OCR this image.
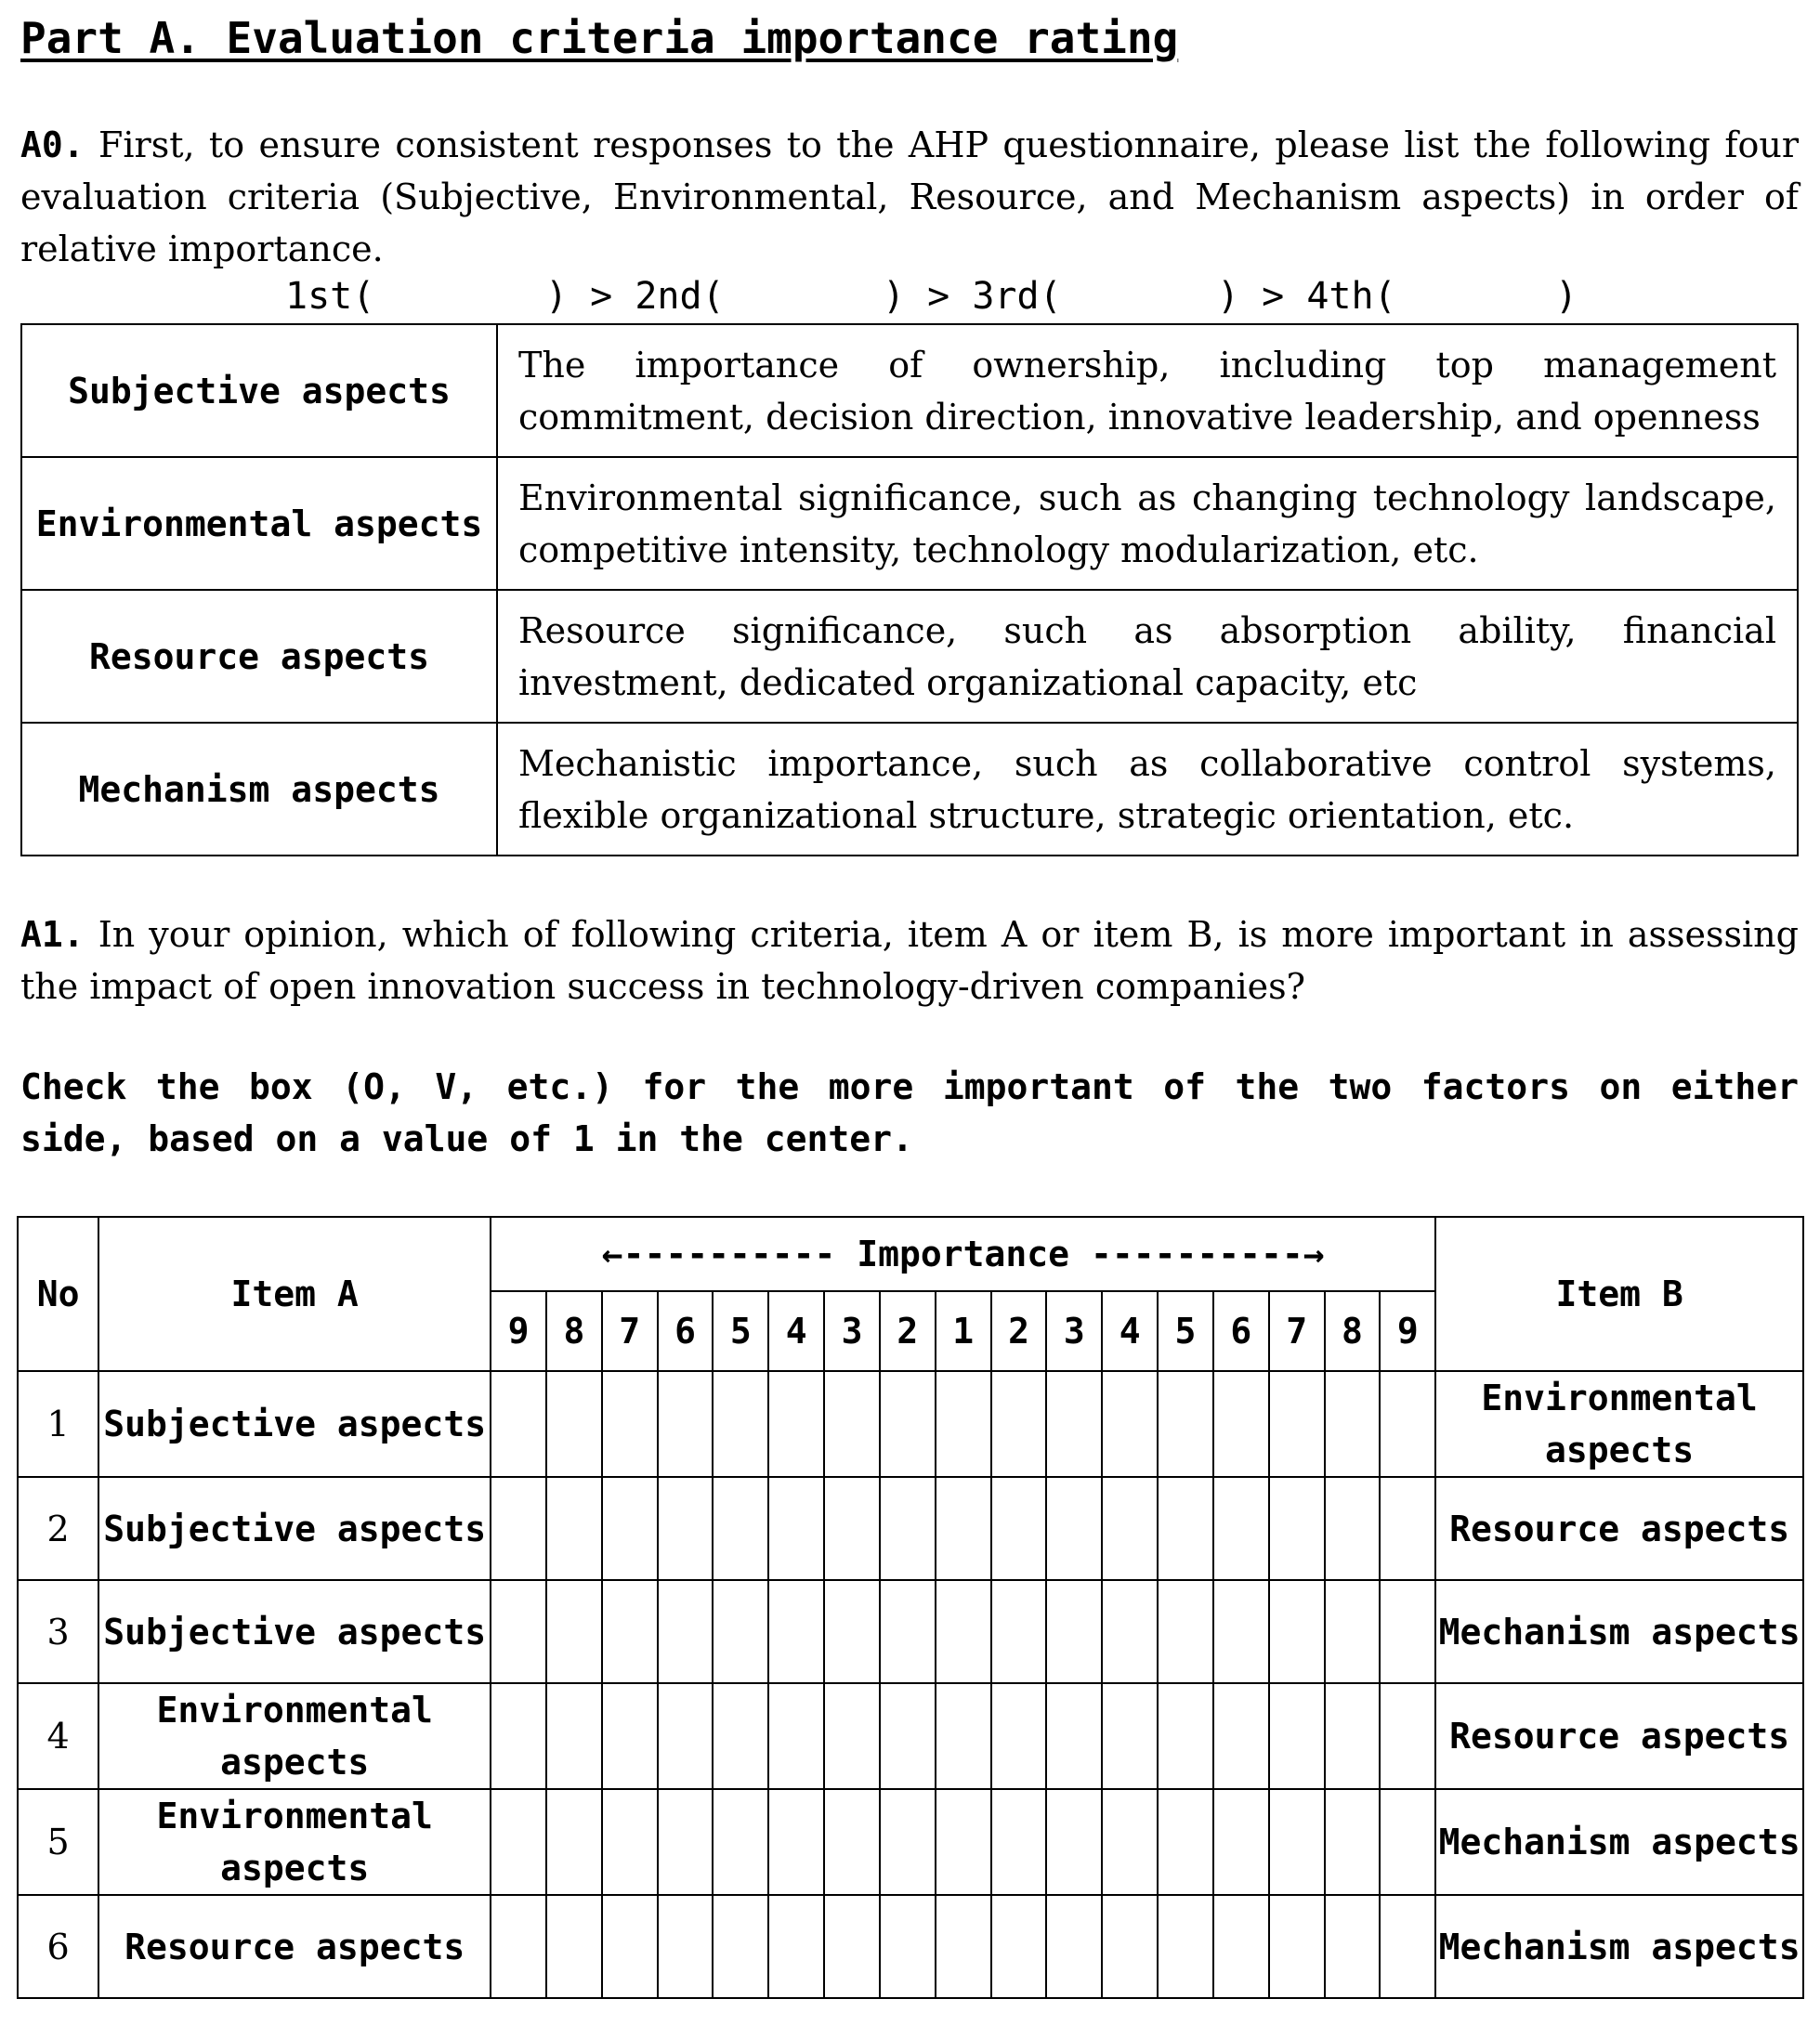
Part A. Evaluation criteria importance rating
A0. First, to ensure consistent responses to the AHP questionnaire, please list the following four evaluation criteria (Subjective, Environmental, Resource, and Mechanism aspects) in order of relative importance.
1st(	) > 2nd(	) > 3rd(	) > 4th(	)
Subjective aspects	The importance of ownership, including top management commitment, decision direction, innovative leadership, and openness
Environmental aspects	Environmental significance, such as changing technology landscape, competitive intensity, technology modularization, etc.
Resource aspects	Resource significance, such as absorption ability, financial investment, dedicated organizational capacity, etc
Mechanism aspects	Mechanistic importance, such as collaborative control systems, flexible organizational structure, strategic orientation, etc.
A1. In your opinion, which of following criteria, item A or item B, is more important in assessing the impact of open innovation success in technology-driven companies?
Check the box (O, V, etc.) for the more important of the two factors on either side, based on a value of 1 in the center.
No	Item A	←---------- Importance ----------→																	Item B
		9	8	7	6	5	4	3	2	1	2	3	4	5	6	7	8	9	
1	Subjective aspects																		Environmental aspects
2	Subjective aspects																		Resource aspects
3	Subjective aspects																		Mechanism aspects
4	Environmental aspects																		Resource aspects
5	Environmental aspects																		Mechanism aspects
6	Resource aspects																		Mechanism aspects
